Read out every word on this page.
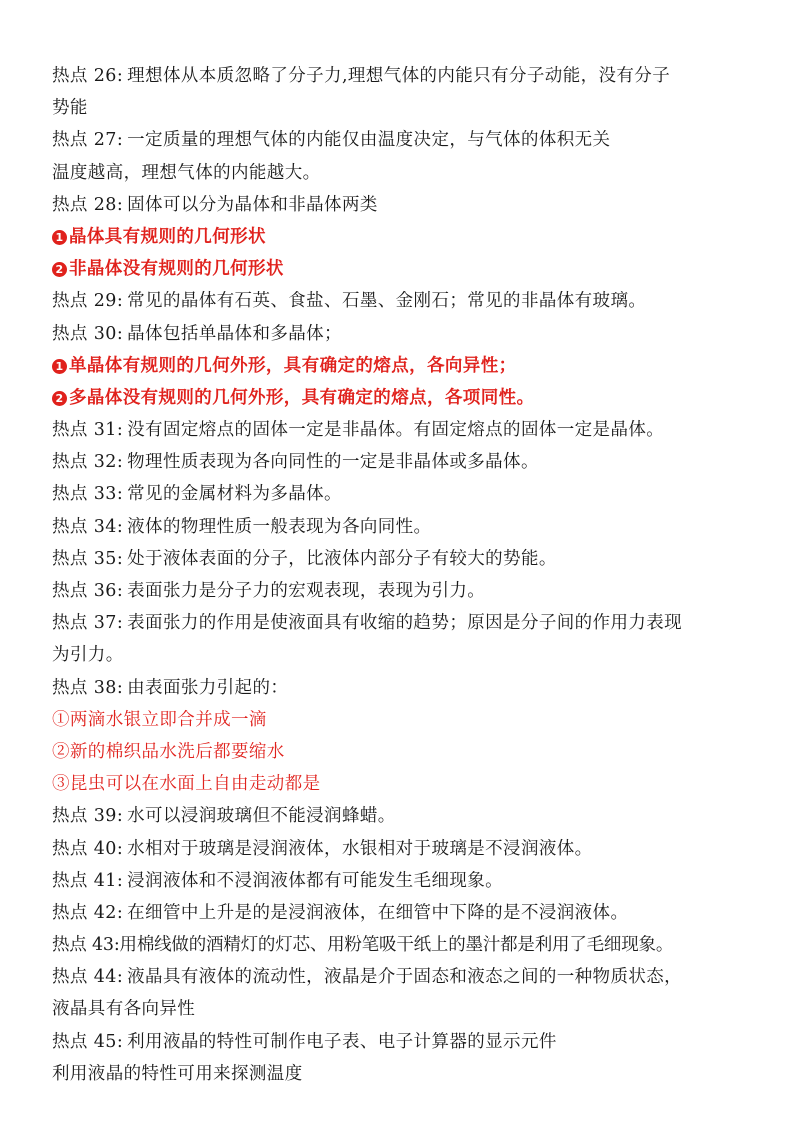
热点 26: 理想体从本质忽略了分子力,理想气体的内能只有分子动能，没有分子
势能
热点 27: 一定质量的理想气体的内能仅由温度决定，与气体的体积无关
温度越高，理想气体的内能越大。
热点 28: 固体可以分为晶体和非晶体两类
1 晶体具有规则的几何形状
2 非晶体没有规则的几何形状
热点 29: 常见的晶体有石英、食盐、石墨、金刚石；常见的非晶体有玻璃。
热点 30: 晶体包括单晶体和多晶体；
1 单晶体有规则的几何外形，具有确定的熔点，各向异性；
2 多晶体没有规则的几何外形，具有确定的熔点，各项同性。
热点 31: 没有固定熔点的固体一定是非晶体。有固定熔点的固体一定是晶体。
热点 32: 物理性质表现为各向同性的一定是非晶体或多晶体。
热点 33: 常见的金属材料为多晶体。
热点 34: 液体的物理性质一般表现为各向同性。
热点 35: 处于液体表面的分子，比液体内部分子有较大的势能。
热点 36: 表面张力是分子力的宏观表现，表现为引力。
热点 37: 表面张力的作用是使液面具有收缩的趋势；原因是分子间的作用力表现
为引力。
热点 38: 由表面张力引起的：
①两滴水银立即合并成一滴
②新的棉织品水洗后都要缩水
③昆虫可以在水面上自由走动都是
热点 39: 水可以浸润玻璃但不能浸润蜂蜡。
热点 40: 水相对于玻璃是浸润液体，水银相对于玻璃是不浸润液体。
热点 41: 浸润液体和不浸润液体都有可能发生毛细现象。
热点 42: 在细管中上升是的是浸润液体，在细管中下降的是不浸润液体。
热点 43:用棉线做的酒精灯的灯芯、用粉笔吸干纸上的墨汁都是利用了毛细现象。
热点 44: 液晶具有液体的流动性，液晶是介于固态和液态之间的一种物质状态，
液晶具有各向异性
热点 45: 利用液晶的特性可制作电子表、电子计算器的显示元件
利用液晶的特性可用来探测温度
